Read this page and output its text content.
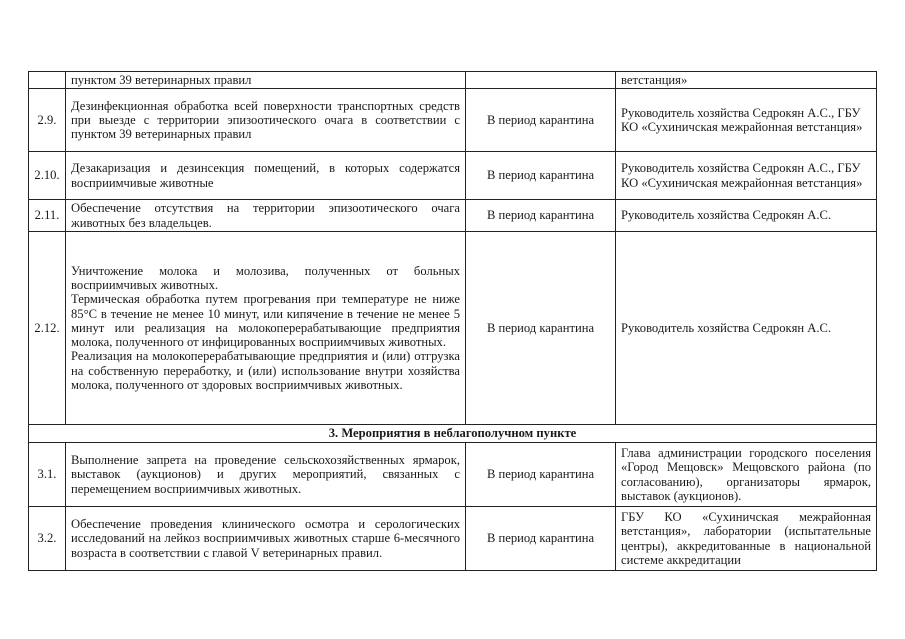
	пунктом 39 ветеринарных правил		ветстанция»
2.9.	Дезинфекционная обработка всей поверхности транспортных средств при выезде с территории эпизоотического очага в соответствии с пунктом 39 ветеринарных правил	В период карантина	Руководитель хозяйства Седрокян А.С., ГБУ КО «Сухиничская межрайонная ветстанция»
2.10.	Дезакаризация и дезинсекция помещений, в которых содержатся восприимчивые животные	В период карантина	Руководитель хозяйства Седрокян А.С., ГБУ КО «Сухиничская межрайонная ветстанция»
2.11.	Обеспечение отсутствия на территории эпизоотического очага животных без владельцев.	В период карантина	Руководитель хозяйства Седрокян А.С.
2.12.	Уничтожение молока и молозива, полученных от больных восприимчивых животных.

Термическая обработка путем прогревания при температуре не ниже 85°С в течение не менее 10 минут, или кипячение в течение не менее 5 минут или реализация на молокоперерабатывающие предприятия молока, полученного от инфицированных восприимчивых животных.

Реализация на молокоперерабатывающие предприятия и (или) отгрузка на собственную переработку, и (или) использование внутри хозяйства молока, полученного от здоровых восприимчивых животных.	В период карантина	Руководитель хозяйства Седрокян А.С.
3. Мероприятия в неблагополучном пункте			
3.1.	Выполнение запрета на проведение сельскохозяйственных ярмарок, выставок (аукционов) и других мероприятий, связанных с перемещением восприимчивых животных.	В период карантина	Глава администрации городского поселения «Город Мещовск» Мещовского района (по согласованию), организаторы ярмарок, выставок (аукционов).
3.2.	Обеспечение проведения клинического осмотра и серологических исследований на лейкоз восприимчивых животных старше 6-месячного возраста в соответствии с главой V ветеринарных правил.	В период карантина	ГБУ КО «Сухиничская межрайонная ветстанция», лаборатории (испытательные центры), аккредитованные в национальной системе аккредитации
